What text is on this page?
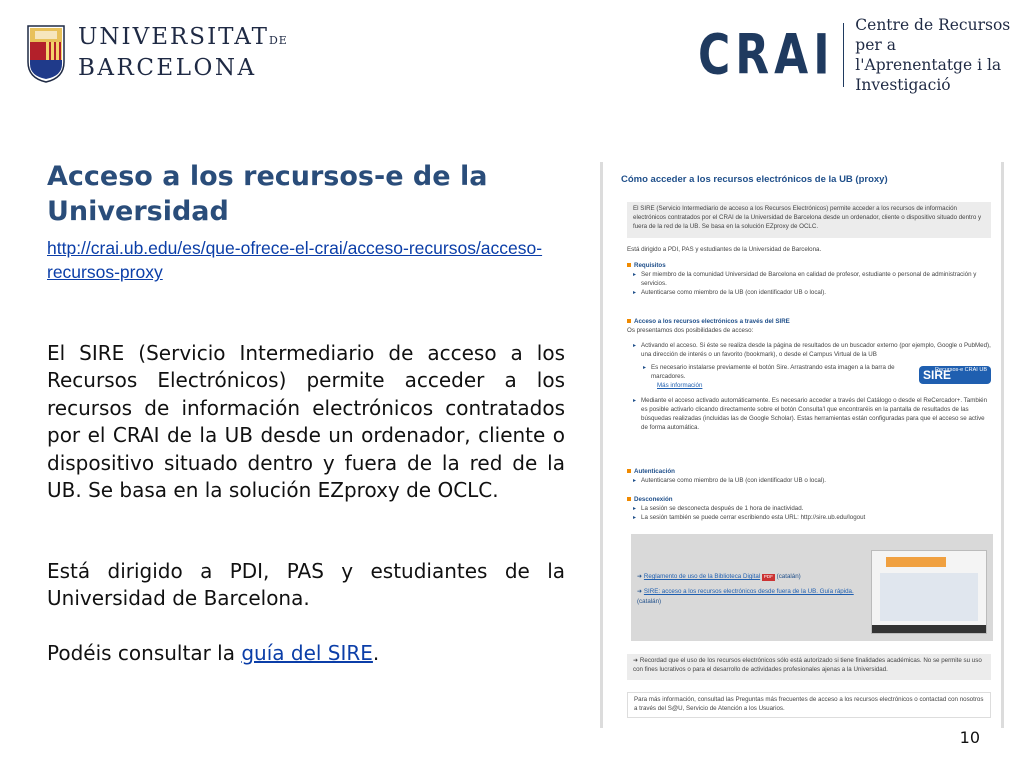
UNIVERSITATDE
BARCELONA	CRAI Centre de Recursos per a
l'Aprenentatge i la Investigació
Acceso a los recursos-e de la Universidad
http://crai.ub.edu/es/que-ofrece-el-crai/acceso-recursos/acceso-recursos-proxy

El SIRE (Servicio Intermediario de acceso a los Recursos Electrónicos) permite acceder a los recursos de información electrónicos contratados por el CRAI de la UB desde un ordenador, cliente o dispositivo situado dentro y fuera de la red de la UB. Se basa en la solución EZproxy de OCLC.

Está dirigido a PDI, PAS y estudiantes de la Universidad de Barcelona.

Podéis consultar la guía del SIRE.

Cómo acceder a los recursos electrónicos de la UB (proxy)
El SIRE (Servicio Intermediario de acceso a los Recursos Electrónicos) permite acceder a los recursos de información electrónicos contratados por el CRAI de la Universidad de Barcelona desde un ordenador, cliente o dispositivo situado dentro y fuera de la red de la UB. Se basa en la solución EZproxy de OCLC.
Está dirigido a PDI, PAS y estudiantes de la Universidad de Barcelona.
Requisitos
▸ Ser miembro de la comunidad Universidad de Barcelona en calidad de profesor, estudiante o personal de administración y servicios.
▸ Autenticarse como miembro de la UB (con identificador UB o local).
Acceso a los recursos electrónicos a través del SIRE
Os presentamos dos posibilidades de acceso:
▸ Activando el acceso. Si éste se realiza desde la página de resultados de un buscador externo (por ejemplo, Google o PubMed), una dirección de interés o un favorito (bookmark), o desde el Campus Virtual de la UB
▸ Es necesario instalarse previamente el botón Sire. Arrastrando esta imagen a la barra de marcadores.
Más información
▸ Mediante el acceso activado automáticamente. Es necesario acceder a través del Catálogo o desde el ReCercador+. También es posible activarlo clicando directamente sobre el botón Consulta'l que encontraréis en la pantalla de resultados de las búsquedas realizadas (incluidas las de Google Scholar). Estas herramientas están configuradas para que el acceso se active de forma automática.
SIRE
Recursos-e CRAI UB
Autenticación
▸ Autenticarse como miembro de la UB (con identificador UB o local).
Desconexión
▸ La sesión se desconecta después de 1 hora de inactividad.
▸ La sesión también se puede cerrar escribiendo esta URL: http://sire.ub.edu/logout
➜ Reglamento de uso de la Biblioteca Digital PDF (catalán)
➜ SIRE: acceso a los recursos electrónicos desde fuera de la UB. Guía rápida. (catalán)
➜ Recordad que el uso de los recursos electrónicos sólo está autorizado si tiene finalidades académicas. No se permite su uso con fines lucrativos o para el desarrollo de actividades profesionales ajenas a la Universidad.
Para más información, consultad las Preguntas más frecuentes de acceso a los recursos electrónicos o contactad con nosotros a través del S@U, Servicio de Atención a los Usuarios.
10
